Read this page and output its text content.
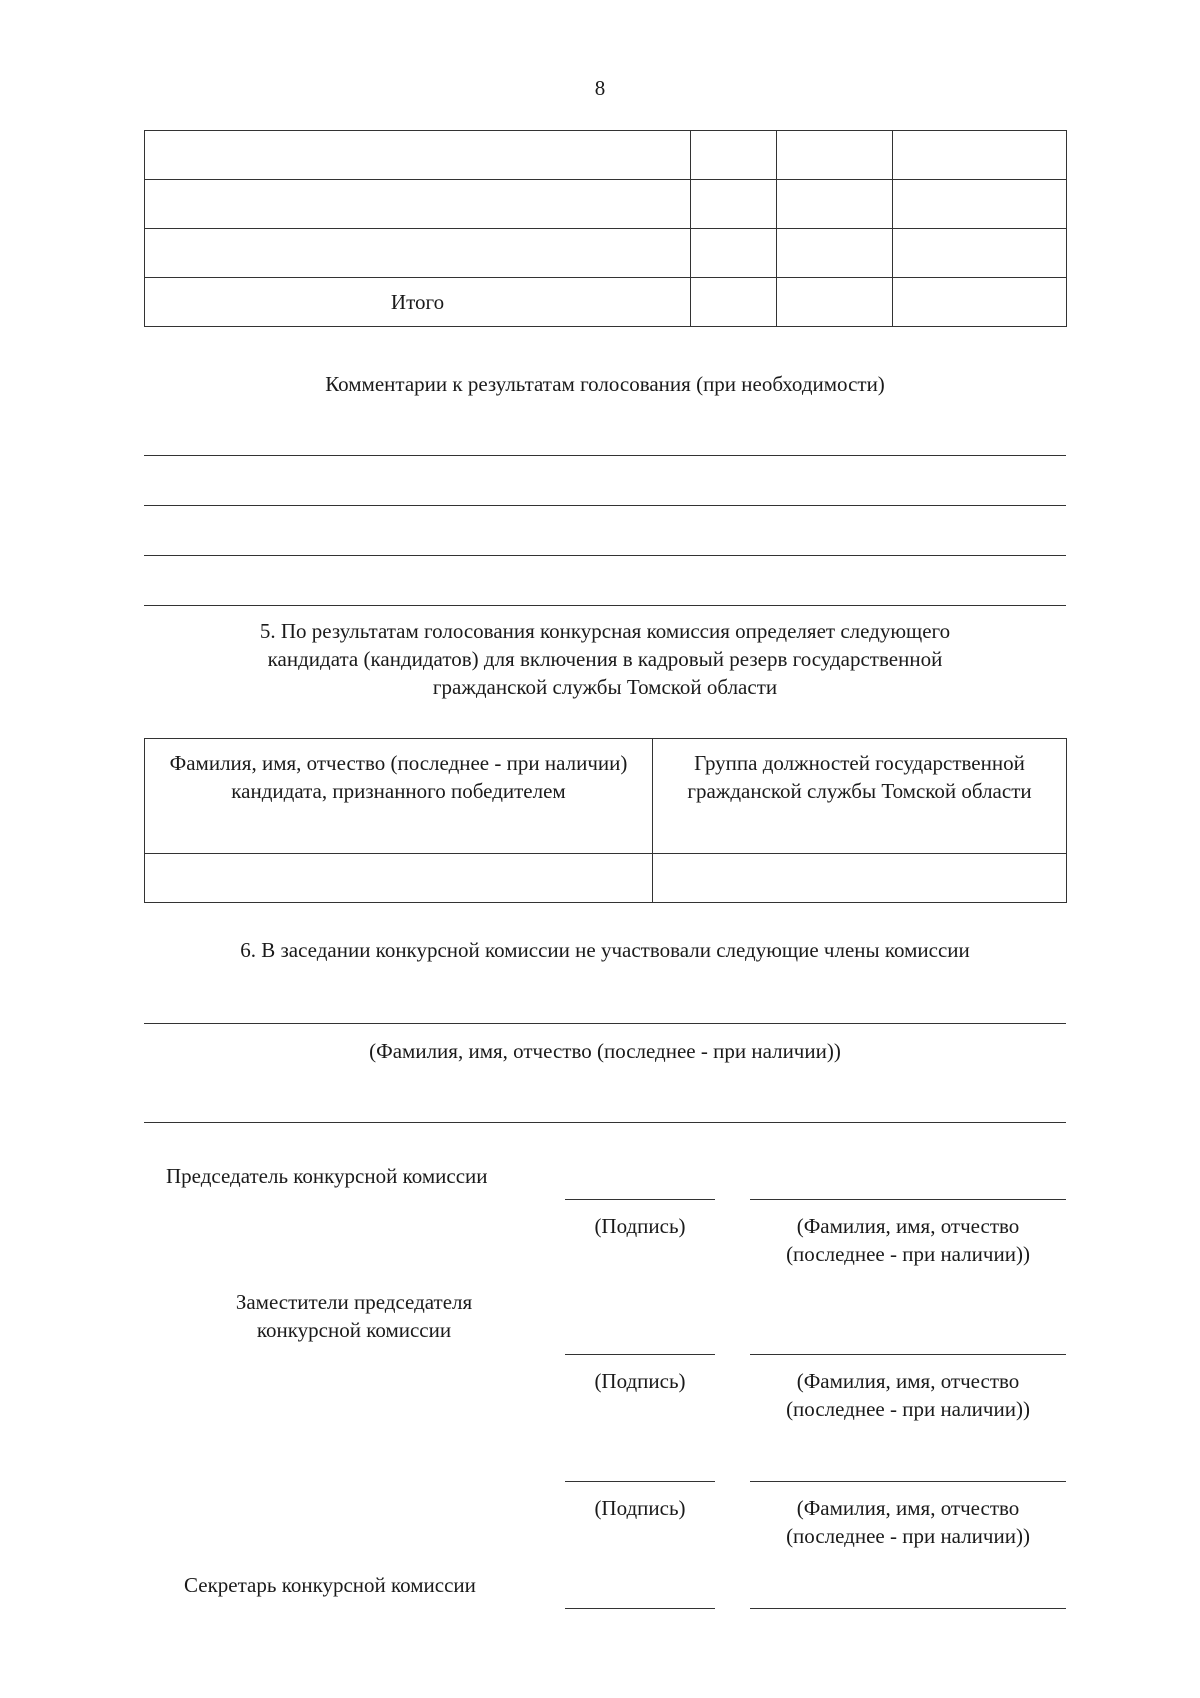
8

Итого			
Комментарии к результатам голосования (при необходимости)
5. По результатам голосования конкурсная комиссия определяет следующего
кандидата (кандидатов) для включения в кадровый резерв государственной
гражданской службы Томской области
Фамилия, имя, отчество (последнее - при наличии) кандидата, признанного победителем	Группа должностей государственной гражданской службы Томской области

6. В заседании конкурсной комиссии не участвовали следующие члены комиссии
(Фамилия, имя, отчество (последнее - при наличии))
Председатель конкурсной комиссии
(Подпись)	(Фамилия, имя, отчество
(последнее - при наличии))
Заместители председателя
конкурсной комиссии
(Подпись)	(Фамилия, имя, отчество
(последнее - при наличии))
(Подпись)	(Фамилия, имя, отчество
(последнее - при наличии))
Секретарь конкурсной комиссии
